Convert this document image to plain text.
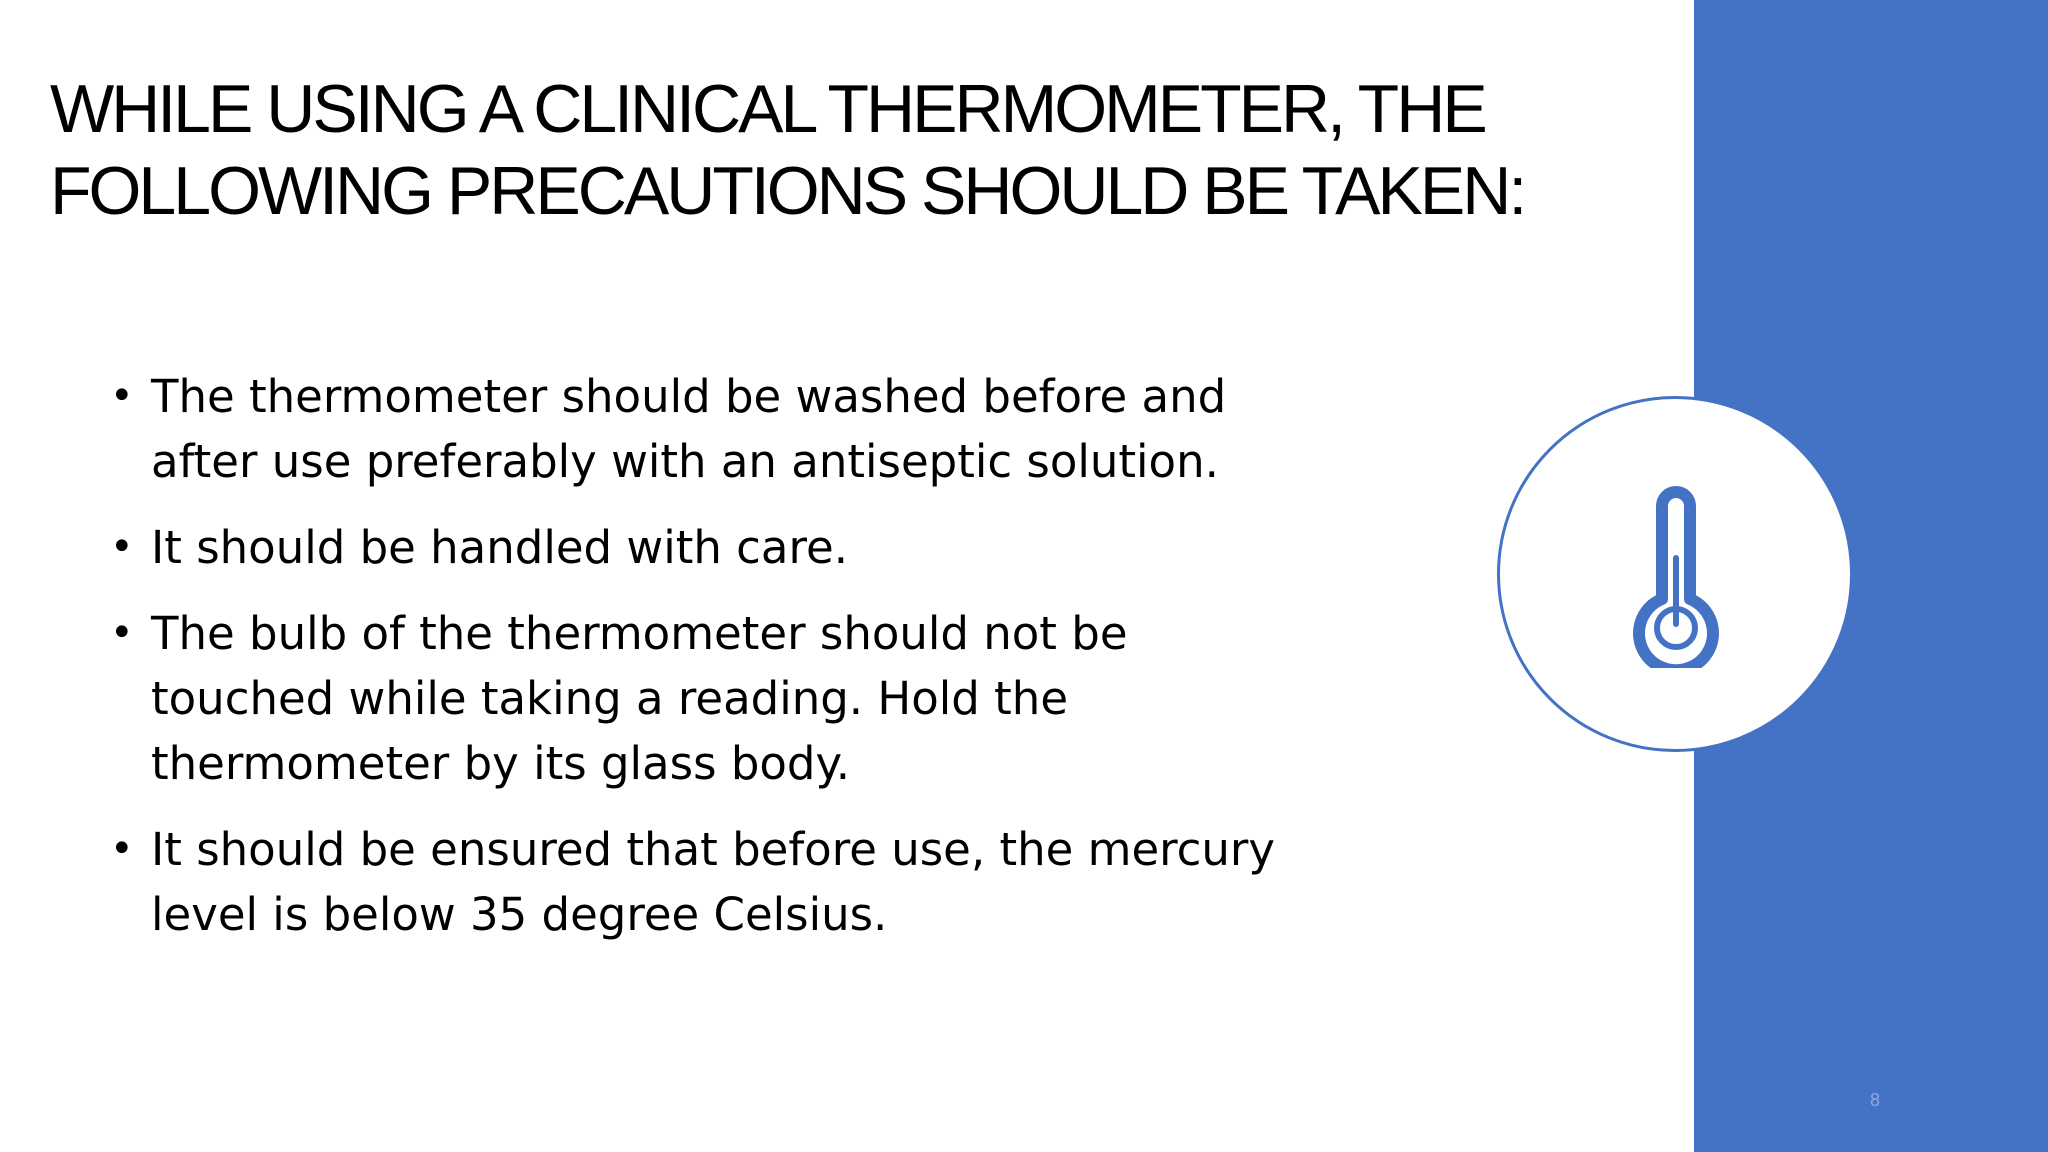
WHILE USING A CLINICAL THERMOMETER, THE
FOLLOWING PRECAUTIONS SHOULD BE TAKEN:
• The thermometer should be washed before and
after use preferably with an antiseptic solution.
• It should be handled with care.
• The bulb of the thermometer should not be
touched while taking a reading. Hold the
thermometer by its glass body.
• It should be ensured that before use, the mercury
level is below 35 degree Celsius.
8
